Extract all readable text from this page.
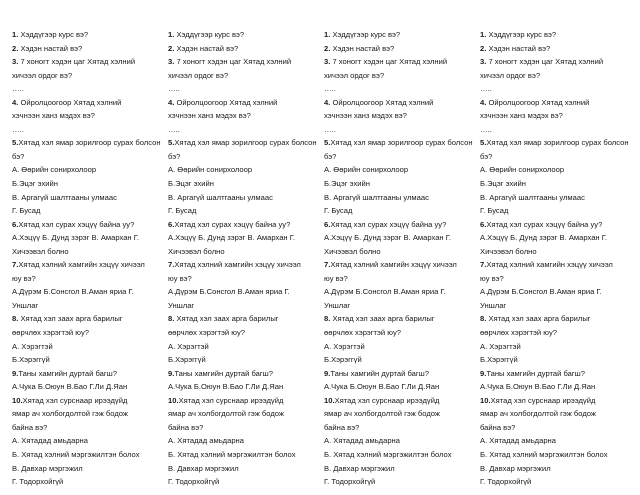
1. Хэддүгээр курс вэ?
2. Хэдэн настай вэ?
3. 7 хоногт хэдэн цаг Хятад хэлний
хичээл ордог вэ?
…..
4. Ойролцоогоор Хятад хэлний
хэчнээн ханз мэдэх вэ?
…..
5.Хятад хэл ямар зорилгоор сурах болсон
бэ?
А. Өөрийн сонирхолоор
Б.Эцэг эхийн
В. Аргагүй шалтгааны улмаас
Г. Бусад
6.Хятад хэл сурах хэцүү байна уу?
А.Хэцүү Б. Дунд зэрэг В. Амархан Г.
Хичээвэл болно
7.Хятад хэлний хамгийн хэцүү хичээл
юу вэ?
А.Дүрэм Б.Сонсгол В.Аман яриа Г.
Уншлаг
8. Хятад хэл заах арга барилыг
өөрчлөх хэрэгтэй юу?
А. Хэрэгтэй
Б.Хэрэггүй
9.Таны хамгийн дуртай багш?
А.Чука Б.Оюун В.Бао Г.Ли Д.Яан
10.Хятад хэл сурснаар ирээдүйд
ямар ач холбогдолтой гэж бодож
байна вэ?
А. Хятадад амьдарна
Б. Хятад хэлний мэргэжилтэн болох
В. Давхар мэргэжил
Г. Тодорхойгүй
1. Хэддүгээр курс вэ?
2. Хэдэн настай вэ?
3. 7 хоногт хэдэн цаг Хятад хэлний
хичээл ордог вэ?
…..
4. Ойролцоогоор Хятад хэлний
хэчнээн ханз мэдэх вэ?
…..
5.Хятад хэл ямар зорилгоор сурах болсон
бэ?
А. Өөрийн сонирхолоор
Б.Эцэг эхийн
В. Аргагүй шалтгааны улмаас
Г. Бусад
6.Хятад хэл сурах хэцүү байна уу?
А.Хэцүү Б. Дунд зэрэг В. Амархан Г.
Хичээвэл болно
7.Хятад хэлний хамгийн хэцүү хичээл
юу вэ?
А.Дүрэм Б.Сонсгол В.Аман яриа Г.
Уншлаг
8. Хятад хэл заах арга барилыг
өөрчлөх хэрэгтэй юу?
А. Хэрэгтэй
Б.Хэрэггүй
9.Таны хамгийн дуртай багш?
А.Чука Б.Оюун В.Бао Г.Ли Д.Яан
10.Хятад хэл сурснаар ирээдүйд
ямар ач холбогдолтой гэж бодож
байна вэ?
А. Хятадад амьдарна
Б. Хятад хэлний мэргэжилтэн болох
В. Давхар мэргэжил
Г. Тодорхойгүй
1. Хэддүгээр курс вэ?
2. Хэдэн настай вэ?
3. 7 хоногт хэдэн цаг Хятад хэлний
хичээл ордог вэ?
…..
4. Ойролцоогоор Хятад хэлний
хэчнээн ханз мэдэх вэ?
…..
5.Хятад хэл ямар зорилгоор сурах болсон
бэ?
А. Өөрийн сонирхолоор
Б.Эцэг эхийн
В. Аргагүй шалтгааны улмаас
Г. Бусад
6.Хятад хэл сурах хэцүү байна уу?
А.Хэцүү Б. Дунд зэрэг В. Амархан Г.
Хичээвэл болно
7.Хятад хэлний хамгийн хэцүү хичээл
юу вэ?
А.Дүрэм Б.Сонсгол В.Аман яриа Г.
Уншлаг
8. Хятад хэл заах арга барилыг
өөрчлөх хэрэгтэй юу?
А. Хэрэгтэй
Б.Хэрэггүй
9.Таны хамгийн дуртай багш?
А.Чука Б.Оюун В.Бао Г.Ли Д.Яан
10.Хятад хэл сурснаар ирээдүйд
ямар ач холбогдолтой гэж бодож
байна вэ?
А. Хятадад амьдарна
Б. Хятад хэлний мэргэжилтэн болох
В. Давхар мэргэжил
Г. Тодорхойгүй
1. Хэддүгээр курс вэ?
2. Хэдэн настай вэ?
3. 7 хоногт хэдэн цаг Хятад хэлний
хичээл ордог вэ?
…..
4. Ойролцоогоор Хятад хэлний
хэчнээн ханз мэдэх вэ?
…..
5.Хятад хэл ямар зорилгоор сурах болсон
бэ?
А. Өөрийн сонирхолоор
Б.Эцэг эхийн
В. Аргагүй шалтгааны улмаас
Г. Бусад
6.Хятад хэл сурах хэцүү байна уу?
А.Хэцүү Б. Дунд зэрэг В. Амархан Г.
Хичээвэл болно
7.Хятад хэлний хамгийн хэцүү хичээл
юу вэ?
А.Дүрэм Б.Сонсгол В.Аман яриа Г.
Уншлаг
8. Хятад хэл заах арга барилыг
өөрчлөх хэрэгтэй юу?
А. Хэрэгтэй
Б.Хэрэггүй
9.Таны хамгийн дуртай багш?
А.Чука Б.Оюун В.Бао Г.Ли Д.Яан
10.Хятад хэл сурснаар ирээдүйд
ямар ач холбогдолтой гэж бодож
байна вэ?
А. Хятадад амьдарна
Б. Хятад хэлний мэргэжилтэн болох
В. Давхар мэргэжил
Г. Тодорхойгүй
